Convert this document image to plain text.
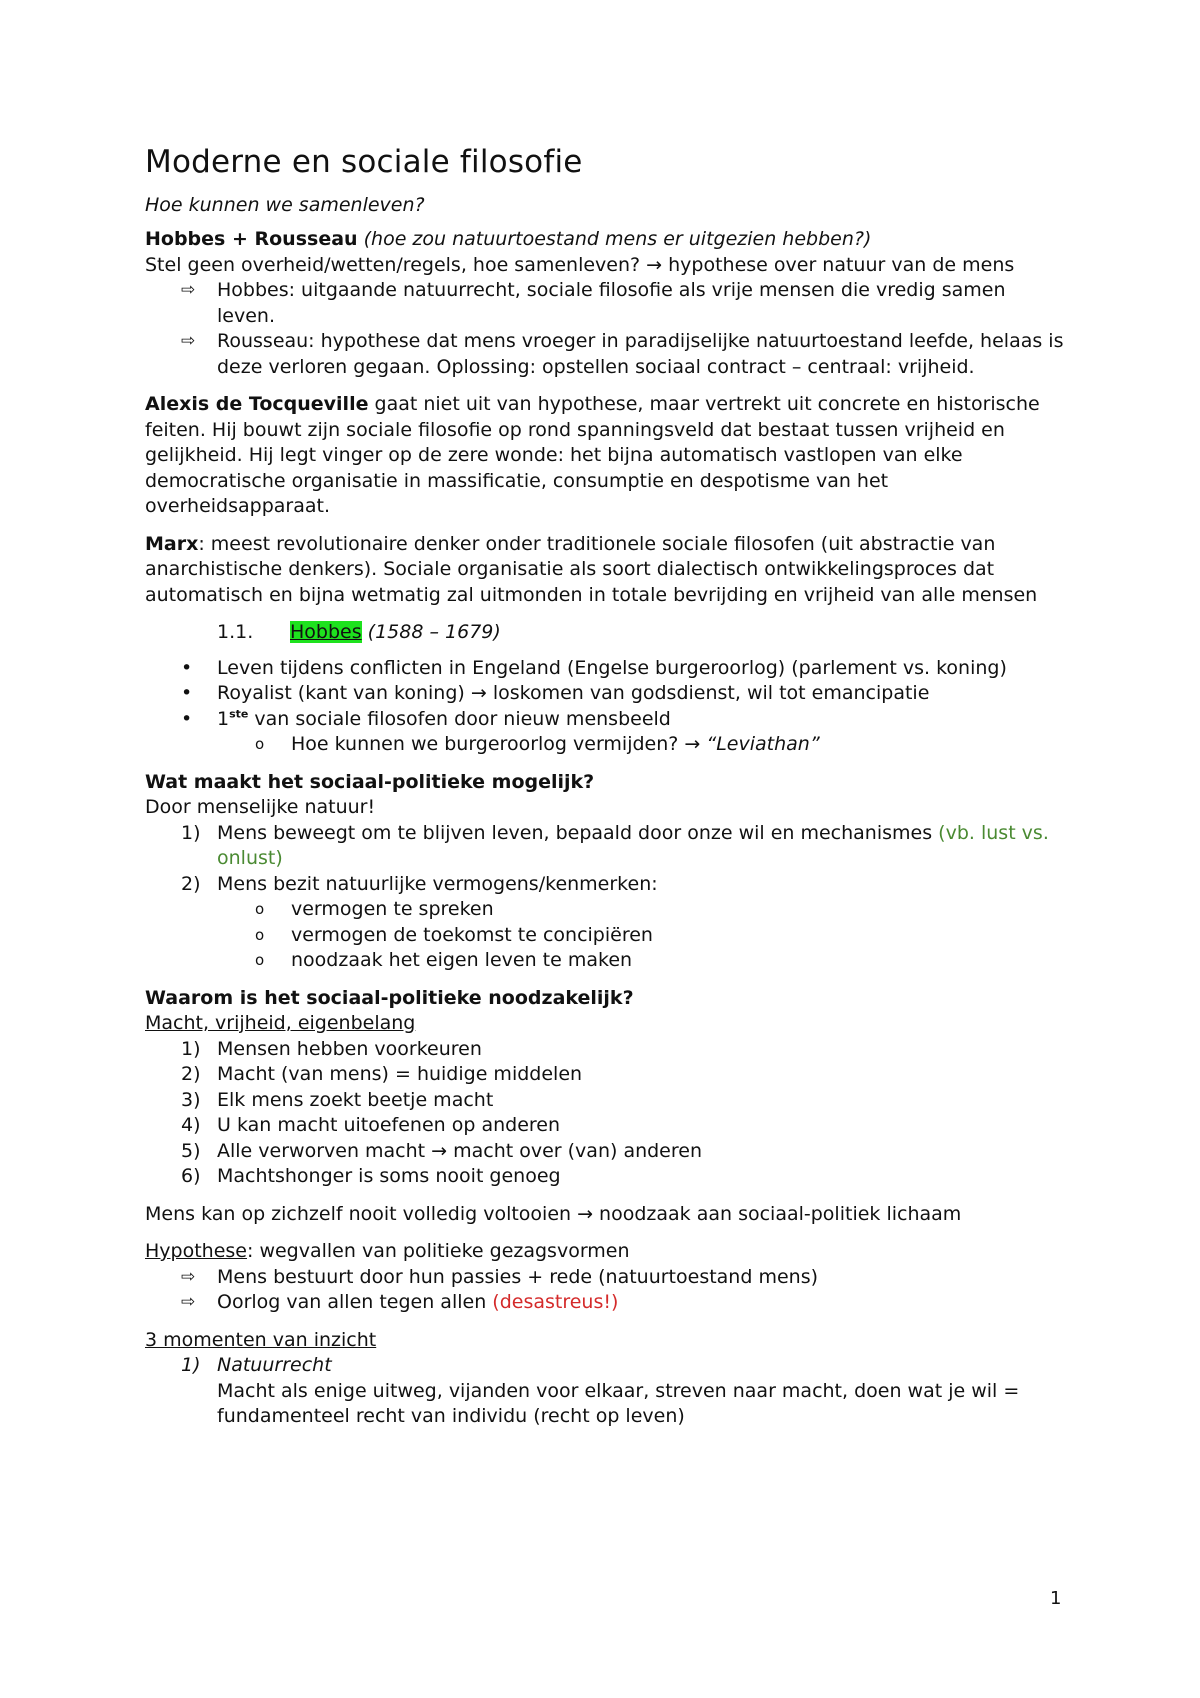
Moderne en sociale filosofie
Hoe kunnen we samenleven?

Hobbes + Rousseau (hoe zou natuurtoestand mens er uitgezien hebben?)

Stel geen overheid/wetten/regels, hoe samenleven? → hypothese over natuur van de mens

⇨	Hobbes: uitgaande natuurrecht, sociale filosofie als vrije mensen die vredig samen leven.
⇨	Rousseau: hypothese dat mens vroeger in paradijselijke natuurtoestand leefde, helaas is deze verloren gegaan. Oplossing: opstellen sociaal contract – centraal: vrijheid.

Alexis de Tocqueville gaat niet uit van hypothese, maar vertrekt uit concrete en historische feiten. Hij bouwt zijn sociale filosofie op rond spanningsveld dat bestaat tussen vrijheid en gelijkheid. Hij legt vinger op de zere wonde: het bijna automatisch vastlopen van elke democratische organisatie in massificatie, consumptie en despotisme van het overheidsapparaat.

Marx: meest revolutionaire denker onder traditionele sociale filosofen (uit abstractie van anarchistische denkers). Sociale organisatie als soort dialectisch ontwikkelingsproces dat automatisch en bijna wetmatig zal uitmonden in totale bevrijding en vrijheid van alle mensen

1.1.	Hobbes (1588 – 1679)
•	Leven tijdens conflicten in Engeland (Engelse burgeroorlog) (parlement vs. koning)
•	Royalist (kant van koning) → loskomen van godsdienst, wil tot emancipatie
•	1ste van sociale filosofen door nieuw mensbeeld
o	Hoe kunnen we burgeroorlog vermijden? → “Leviathan”

Wat maakt het sociaal-politieke mogelijk?

Door menselijke natuur!

1) Mens beweegt om te blijven leven, bepaald door onze wil en mechanismes (vb. lust vs. onlust)
2) Mens bezit natuurlijke vermogens/kenmerken:
o	vermogen te spreken
o	vermogen de toekomst te concipiëren
o	noodzaak het eigen leven te maken

Waarom is het sociaal-politieke noodzakelijk?

Macht, vrijheid, eigenbelang

1) Mensen hebben voorkeuren
2) Macht (van mens) = huidige middelen
3) Elk mens zoekt beetje macht
4) U kan macht uitoefenen op anderen
5) Alle verworven macht → macht over (van) anderen
6) Machtshonger is soms nooit genoeg

Mens kan op zichzelf nooit volledig voltooien → noodzaak aan sociaal-politiek lichaam

Hypothese: wegvallen van politieke gezagsvormen

⇨	Mens bestuurt door hun passies + rede (natuurtoestand mens)
⇨	Oorlog van allen tegen allen (desastreus!)

3 momenten van inzicht

1) Natuurrecht
Macht als enige uitweg, vijanden voor elkaar, streven naar macht, doen wat je wil = fundamenteel recht van individu (recht op leven)
1
